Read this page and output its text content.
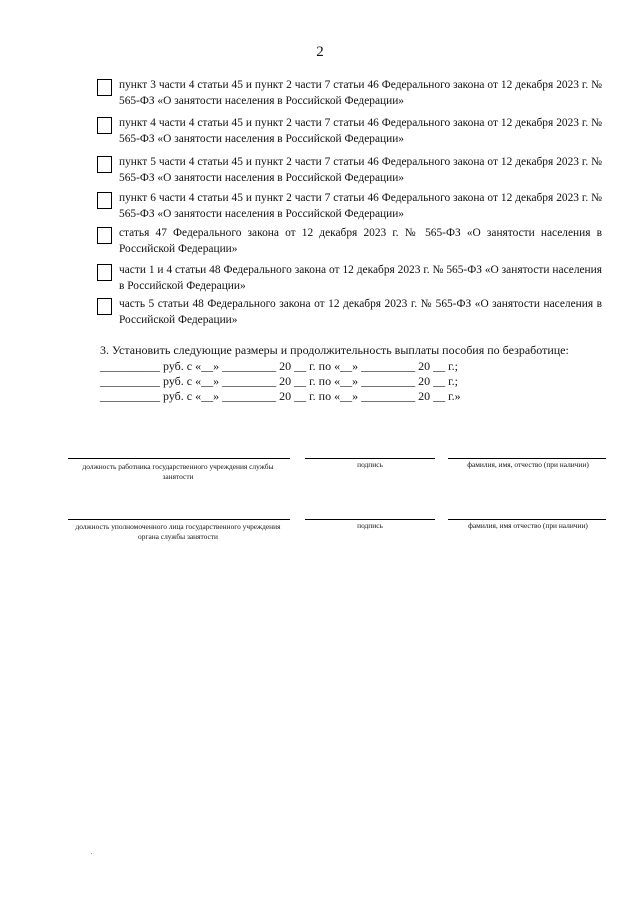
2
пункт 3 части 4 статьи 45 и пункт 2 части 7 статьи 46 Федерального закона от 12 декабря 2023 г. № 565-ФЗ «О занятости населения в Российской Федерации»
пункт 4 части 4 статьи 45 и пункт 2 части 7 статьи 46 Федерального закона от 12 декабря 2023 г. № 565-ФЗ «О занятости населения в Российской Федерации»
пункт 5 части 4 статьи 45 и пункт 2 части 7 статьи 46 Федерального закона от 12 декабря 2023 г. № 565-ФЗ «О занятости населения в Российской Федерации»
пункт 6 части 4 статьи 45 и пункт 2 части 7 статьи 46 Федерального закона от 12 декабря 2023 г. № 565-ФЗ «О занятости населения в Российской Федерации»
статья 47 Федерального закона от 12 декабря 2023 г. № 565-ФЗ «О занятости населения в Российской Федерации»
части 1 и 4 статьи 48 Федерального закона от 12 декабря 2023 г. № 565-ФЗ «О занятости населения в Российской Федерации»
часть 5 статьи 48 Федерального закона от 12 декабря 2023 г. № 565-ФЗ «О занятости населения в Российской Федерации»
3. Установить следующие размеры и продолжительность выплаты пособия по безработице:
__________ руб. с «__» _________ 20 __ г. по «__» _________ 20 __ г.;
__________ руб. с «__» _________ 20 __ г. по «__» _________ 20 __ г.;
__________ руб. с «__» _________ 20 __ г. по «__» _________ 20 __ г.»
должность работника государственного учреждения службы занятости
подпись	фамилия, имя, отчество (при наличии)
должность уполномоченного лица государственного учреждения органа службы занятости
подпись	фамилия, имя отчество (при наличии)
